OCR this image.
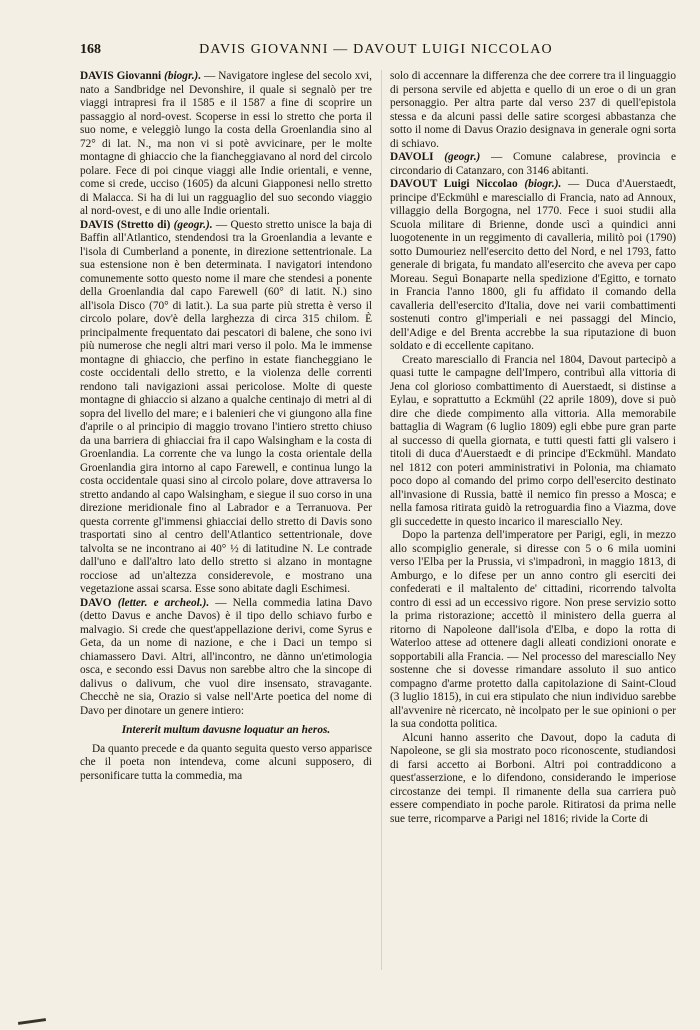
168	DAVIS GIOVANNI — DAVOUT LUIGI NICCOLAO

DAVIS Giovanni (biogr.). — Navigatore inglese del secolo xvi, nato a Sandbridge nel Devonshire, il quale si segnalò per tre viaggi intrapresi fra il 1585 e il 1587 a fine di scoprire un passaggio al nord-ovest. Scoperse in essi lo stretto che porta il suo nome, e veleggiò lungo la costa della Groenlandia sino al 72° di lat. N., ma non vi si potè avvicinare, per le molte montagne di ghiaccio che la fiancheggiavano al nord del circolo polare. Fece di poi cinque viaggi alle Indie orientali, e venne, come si crede, ucciso (1605) da alcuni Giapponesi nello stretto di Malacca. Si ha di lui un ragguaglio del suo secondo viaggio al nord-ovest, e di uno alle Indie orientali.

DAVIS (Stretto di) (geogr.). — Questo stretto unisce la baja di Baffin all'Atlantico, stendendosi tra la Groenlandia a levante e l'isola di Cumberland a ponente, in direzione settentrionale. La sua estensione non è ben determinata. I navigatori intendono comunemente sotto questo nome il mare che stendesi a ponente della Groenlandia dal capo Farewell (60° di latit. N.) sino all'isola Disco (70° di latit.). La sua parte più stretta è verso il circolo polare, dov'è della larghezza di circa 315 chilom. È principalmente frequentato dai pescatori di balene, che sono ivi più numerose che negli altri mari verso il polo. Ma le immense montagne di ghiaccio, che perfino in estate fiancheggiano le coste occidentali dello stretto, e la violenza delle correnti rendono tali navigazioni assai pericolose. Molte di queste montagne di ghiaccio si alzano a qualche centinajo di metri al di sopra del livello del mare; e i balenieri che vi giungono alla fine d'aprile o al principio di maggio trovano l'intiero stretto chiuso da una barriera di ghiacciai fra il capo Walsingham e la costa di Groenlandia. La corrente che va lungo la costa orientale della Groenlandia gira intorno al capo Farewell, e continua lungo la costa occidentale quasi sino al circolo polare, dove attraversa lo stretto andando al capo Walsingham, e siegue il suo corso in una direzione meridionale fino al Labrador e a Terranuova. Per questa corrente gl'immensi ghiacciai dello stretto di Davis sono trasportati sino al centro dell'Atlantico settentrionale, dove talvolta se ne incontrano ai 40° ½ di latitudine N. Le contrade dall'uno e dall'altro lato dello stretto si alzano in montagne rocciose ad un'altezza considerevole, e mostrano una vegetazione assai scarsa. Esse sono abitate dagli Eschimesi.

DAVO (letter. e archeol.). — Nella commedia latina Davo (detto Davus e anche Davos) è il tipo dello schiavo furbo e malvagio. Si crede che quest'appellazione derivi, come Syrus e Geta, da un nome di nazione, e che i Daci un tempo si chiamassero Davi. Altri, all'incontro, ne dànno un'etimologia osca, e secondo essi Davus non sarebbe altro che la sincope di dalivus o dalivum, che vuol dire insensato, stravagante. Checchè ne sia, Orazio si valse nell'Arte poetica del nome di Davo per dinotare un genere intiero:

Intererit multum davusne loquatur an heros.

Da quanto precede e da quanto seguita questo verso apparisce che il poeta non intendeva, come alcuni supposero, di personificare tutta la commedia, ma

solo di accennare la differenza che dee correre tra il linguaggio di persona servile ed abjetta e quello di un eroe o di un gran personaggio. Per altra parte dal verso 237 di quell'epistola stessa e da alcuni passi delle satire scorgesi abbastanza che sotto il nome di Davus Orazio designava in generale ogni sorta di schiavo.

DAVOLI (geogr.) — Comune calabrese, provincia e circondario di Catanzaro, con 3146 abitanti.

DAVOUT Luigi Niccolao (biogr.). — Duca d'Auerstaedt, principe d'Eckmühl e maresciallo di Francia, nato ad Annoux, villaggio della Borgogna, nel 1770. Fece i suoi studii alla Scuola militare di Brienne, donde uscì a quindici anni luogotenente in un reggimento di cavalleria, militò poi (1790) sotto Dumouriez nell'esercito detto del Nord, e nel 1793, fatto generale di brigata, fu mandato all'esercito che aveva per capo Moreau. Seguì Bonaparte nella spedizione d'Egitto, e tornato in Francia l'anno 1800, gli fu affidato il comando della cavalleria dell'esercito d'Italia, dove nei varii combattimenti sostenuti contro gl'imperiali e nei passaggi del Mincio, dell'Adige e del Brenta accrebbe la sua riputazione di buon soldato e di eccellente capitano.

Creato maresciallo di Francia nel 1804, Davout partecipò a quasi tutte le campagne dell'Impero, contribuì alla vittoria di Jena col glorioso combattimento di Auerstaedt, si distinse a Eylau, e soprattutto a Eckmühl (22 aprile 1809), dove si può dire che diede compimento alla vittoria. Alla memorabile battaglia di Wagram (6 luglio 1809) egli ebbe pure gran parte al successo di quella giornata, e tutti questi fatti gli valsero i titoli di duca d'Auerstaedt e di principe d'Eckmühl. Mandato nel 1812 con poteri amministrativi in Polonia, ma chiamato poco dopo al comando del primo corpo dell'esercito destinato all'invasione di Russia, battè il nemico fin presso a Mosca; e nella famosa ritirata guidò la retroguardia fino a Viazma, dove gli succedette in questo incarico il maresciallo Ney.

Dopo la partenza dell'imperatore per Parigi, egli, in mezzo allo scompiglio generale, si diresse con 5 o 6 mila uomini verso l'Elba per la Prussia, vi s'impadronì, in maggio 1813, di Amburgo, e lo difese per un anno contro gli eserciti dei confederati e il maltalento de' cittadini, ricorrendo talvolta contro di essi ad un eccessivo rigore. Non prese servizio sotto la prima ristorazione; accettò il ministero della guerra al ritorno di Napoleone dall'isola d'Elba, e dopo la rotta di Waterloo attese ad ottenere dagli alleati condizioni onorate e sopportabili alla Francia. — Nel processo del maresciallo Ney sostenne che si dovesse rimandare assoluto il suo antico compagno d'arme protetto dalla capitolazione di Saint-Cloud (3 luglio 1815), in cui era stipulato che niun individuo sarebbe all'avvenire nè ricercato, nè incolpato per le sue opinioni o per la sua condotta politica.

Alcuni hanno asserito che Davout, dopo la caduta di Napoleone, se gli sia mostrato poco riconoscente, studiandosi di farsi accetto ai Borboni. Altri poi contraddicono a quest'asserzione, e lo difendono, considerando le imperiose circostanze dei tempi. Il rimanente della sua carriera può essere compendiato in poche parole. Ritiratosi da prima nelle sue terre, ricomparve a Parigi nel 1816; rivide la Corte di
